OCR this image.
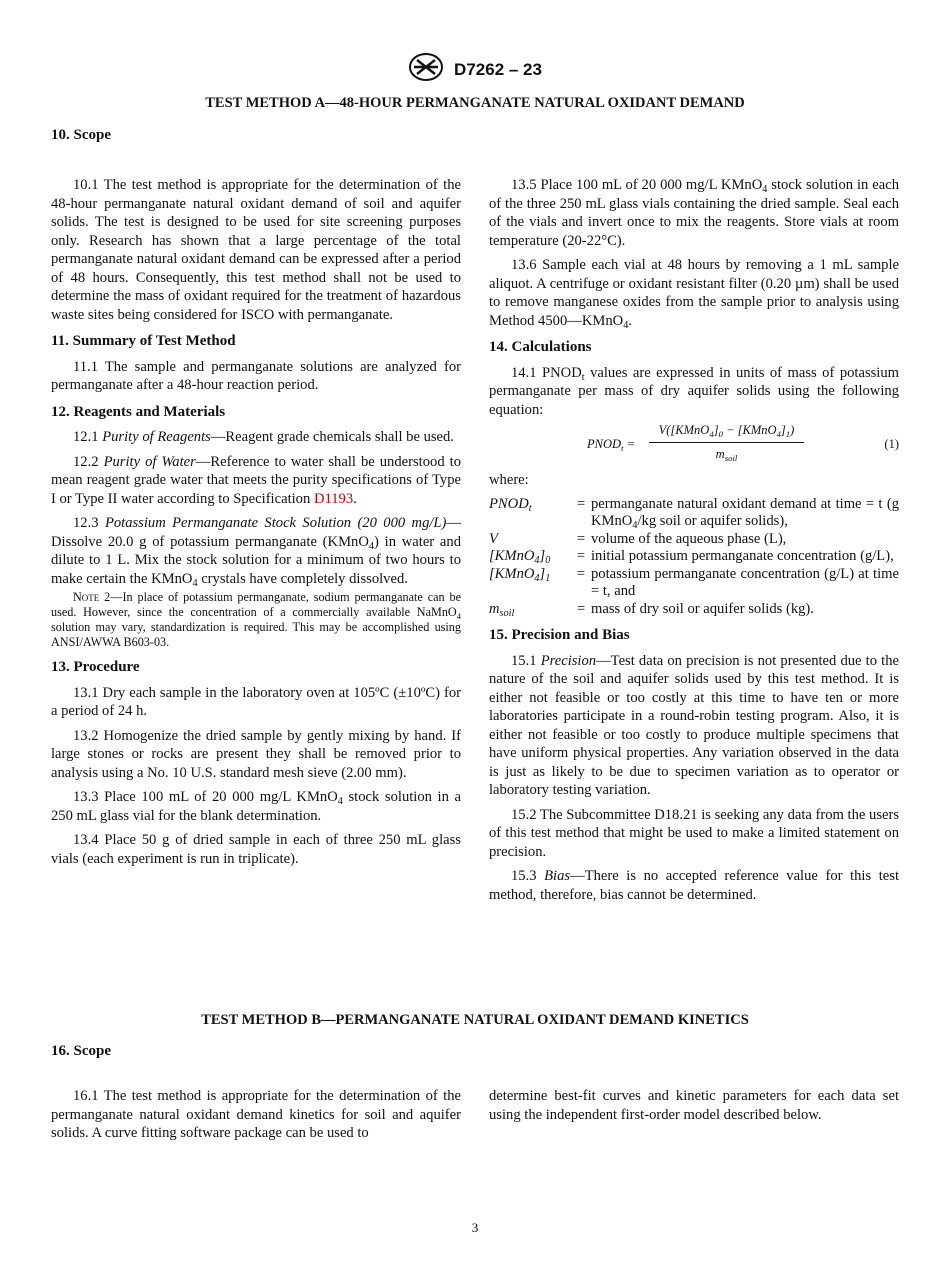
D7262 – 23
TEST METHOD A—48-HOUR PERMANGANATE NATURAL OXIDANT DEMAND
10. Scope

10.1 The test method is appropriate for the determination of the 48-hour permanganate natural oxidant demand of soil and aquifer solids. The test is designed to be used for site screening purposes only. Research has shown that a large percentage of the total permanganate natural oxidant demand can be expressed after a period of 48 hours. Consequently, this test method shall not be used to determine the mass of oxidant required for the treatment of hazardous waste sites being considered for ISCO with permanganate.

11. Summary of Test Method

11.1 The sample and permanganate solutions are analyzed for permanganate after a 48-hour reaction period.

12. Reagents and Materials

12.1 Purity of Reagents—Reagent grade chemicals shall be used.

12.2 Purity of Water—Reference to water shall be understood to mean reagent grade water that meets the purity specifications of Type I or Type II water according to Specification D1193.

12.3 Potassium Permanganate Stock Solution (20 000 mg/L)—Dissolve 20.0 g of potassium permanganate (KMnO$_4$) in water and dilute to 1 L. Mix the stock solution for a minimum of two hours to make certain the KMnO$_4$ crystals have completely dissolved.

Note 2—In place of potassium permanganate, sodium permanganate can be used. However, since the concentration of a commercially available NaMnO$_4$ solution may vary, standardization is required. This may be accomplished using ANSI/AWWA B603-03.

13. Procedure

13.1 Dry each sample in the laboratory oven at 105ºC (±10ºC) for a period of 24 h.

13.2 Homogenize the dried sample by gently mixing by hand. If large stones or rocks are present they shall be removed prior to analysis using a No. 10 U.S. standard mesh sieve (2.00 mm).

13.3 Place 100 mL of 20 000 mg/L KMnO$_4$ stock solution in a 250 mL glass vial for the blank determination.

13.4 Place 50 g of dried sample in each of three 250 mL glass vials (each experiment is run in triplicate).

13.5 Place 100 mL of 20 000 mg/L KMnO$_4$ stock solution in each of the three 250 mL glass vials containing the dried sample. Seal each of the vials and invert once to mix the reagents. Store vials at room temperature (20-22°C).

13.6 Sample each vial at 48 hours by removing a 1 mL sample aliquot. A centrifuge or oxidant resistant filter (0.20 µm) shall be used to remove manganese oxides from the sample prior to analysis using Method 4500—KMnO$_4$.

14. Calculations

14.1 $PNOD_t$ values are expressed in units of mass of potassium permanganate per mass of dry aquifer solids using the following equation:

$PNOD_t$ =
$V([KMnO_4]_0$ − $[KMnO_4]_1$)
$m_{soil}$
(1)

where:

$PNOD_t$	=	permanganate natural oxidant demand at time = t (g KMnO$_4$/kg soil or aquifer solids),
V	=	volume of the aqueous phase (L),
$[KMnO_4]_0$	=	initial potassium permanganate concentration (g/L),
$[KMnO_4]_1$	=	potassium permanganate concentration (g/L) at time = t, and
$m_{soil}$	=	mass of dry soil or aquifer solids (kg).
15. Precision and Bias

15.1 Precision—Test data on precision is not presented due to the nature of the soil and aquifer solids used by this test method. It is either not feasible or too costly at this time to have ten or more laboratories participate in a round-robin testing program. Also, it is either not feasible or too costly to produce multiple specimens that have uniform physical properties. Any variation observed in the data is just as likely to be due to specimen variation as to operator or laboratory testing variation.

15.2 The Subcommittee D18.21 is seeking any data from the users of this test method that might be used to make a limited statement on precision.

15.3 Bias—There is no accepted reference value for this test method, therefore, bias cannot be determined.

TEST METHOD B—PERMANGANATE NATURAL OXIDANT DEMAND KINETICS
16. Scope

16.1 The test method is appropriate for the determination of the permanganate natural oxidant demand kinetics for soil and aquifer solids. A curve fitting software package can be used to

determine best-fit curves and kinetic parameters for each data set using the independent first-order model described below.

3
